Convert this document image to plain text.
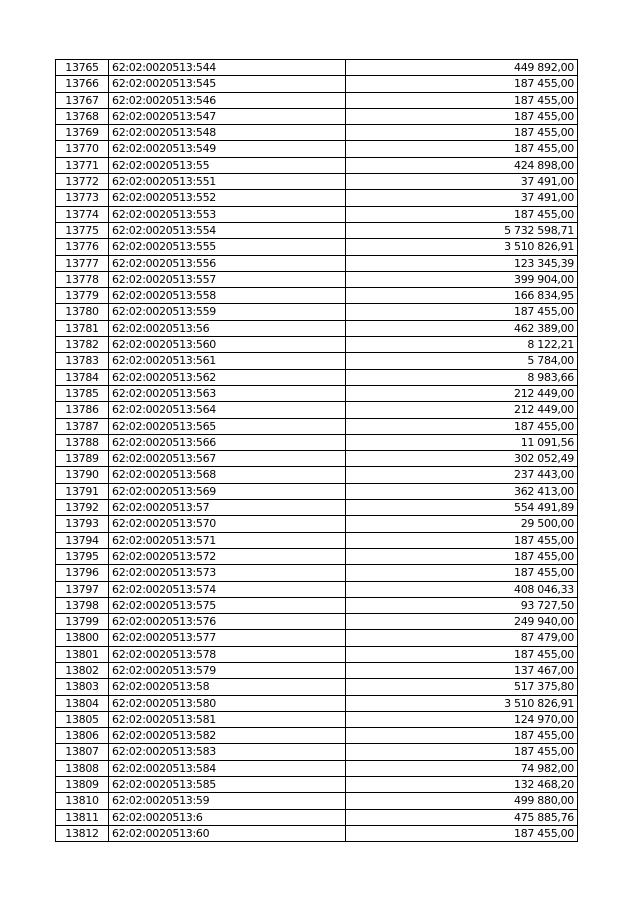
13765	62:02:0020513:544	449 892,00
13766	62:02:0020513:545	187 455,00
13767	62:02:0020513:546	187 455,00
13768	62:02:0020513:547	187 455,00
13769	62:02:0020513:548	187 455,00
13770	62:02:0020513:549	187 455,00
13771	62:02:0020513:55	424 898,00
13772	62:02:0020513:551	37 491,00
13773	62:02:0020513:552	37 491,00
13774	62:02:0020513:553	187 455,00
13775	62:02:0020513:554	5 732 598,71
13776	62:02:0020513:555	3 510 826,91
13777	62:02:0020513:556	123 345,39
13778	62:02:0020513:557	399 904,00
13779	62:02:0020513:558	166 834,95
13780	62:02:0020513:559	187 455,00
13781	62:02:0020513:56	462 389,00
13782	62:02:0020513:560	8 122,21
13783	62:02:0020513:561	5 784,00
13784	62:02:0020513:562	8 983,66
13785	62:02:0020513:563	212 449,00
13786	62:02:0020513:564	212 449,00
13787	62:02:0020513:565	187 455,00
13788	62:02:0020513:566	11 091,56
13789	62:02:0020513:567	302 052,49
13790	62:02:0020513:568	237 443,00
13791	62:02:0020513:569	362 413,00
13792	62:02:0020513:57	554 491,89
13793	62:02:0020513:570	29 500,00
13794	62:02:0020513:571	187 455,00
13795	62:02:0020513:572	187 455,00
13796	62:02:0020513:573	187 455,00
13797	62:02:0020513:574	408 046,33
13798	62:02:0020513:575	93 727,50
13799	62:02:0020513:576	249 940,00
13800	62:02:0020513:577	87 479,00
13801	62:02:0020513:578	187 455,00
13802	62:02:0020513:579	137 467,00
13803	62:02:0020513:58	517 375,80
13804	62:02:0020513:580	3 510 826,91
13805	62:02:0020513:581	124 970,00
13806	62:02:0020513:582	187 455,00
13807	62:02:0020513:583	187 455,00
13808	62:02:0020513:584	74 982,00
13809	62:02:0020513:585	132 468,20
13810	62:02:0020513:59	499 880,00
13811	62:02:0020513:6	475 885,76
13812	62:02:0020513:60	187 455,00
